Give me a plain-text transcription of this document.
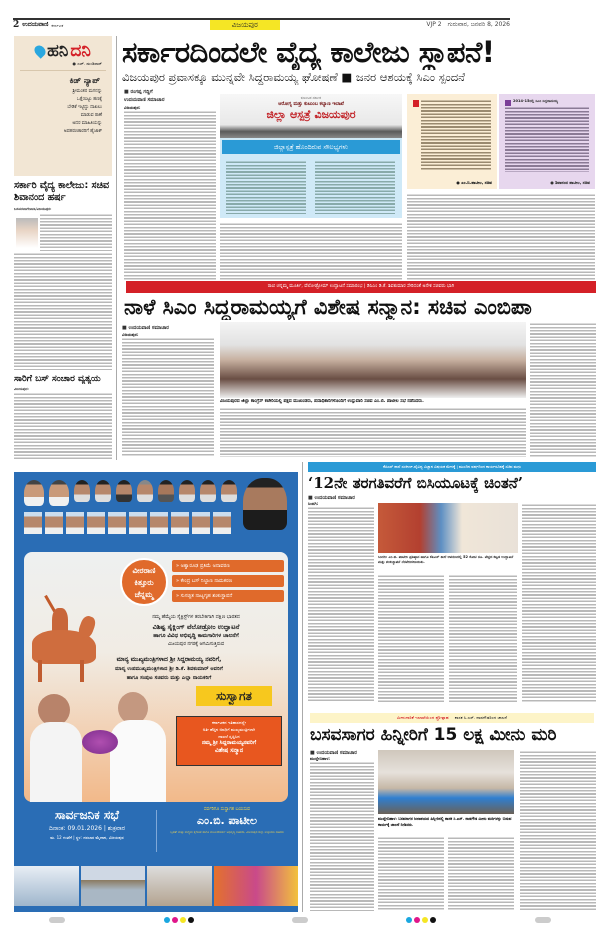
2 ಉದಯವಾಣಿ ಕರ್ನಾಟಕ	ವಿಜಯಪುರ	VJP 2 ಗುರುವಾರ, ಜನವರಿ 8, 2026
ಹನಿ ದನಿ
● ಎಚ್. ಡುಂಡಿರಾಜ್
ಕಿಡ್ ನ್ಯಾಪ್
ಶ್ರೀಮಂತರ ಮಗನನ್ನು
ಒತ್ತೆಯಿಟ್ಟು ಹಣಕ್ಕೆ
ಬೇಡಿಕೆ ಇಟ್ಟಿದ್ದು ದಾಖಲು
ಮಾಡುವ ಠಾಣೆ
ಅದರ ಮಾಹಿತಿಯನ್ನು
ಅಪಹರಣಕಾರರಿಗೆ ಹೈಜಾಕ್
ಸರ್ಕಾರಿ ವೈದ್ಯ ಕಾಲೇಜು: ಸಚಿವ ಶಿವಾನಂದ ಹರ್ಷ
ಬಸವನಬಾಗೇವಾಡಿ/ವಿಜಯಪುರ:
ಸಾರಿಗೆ ಬಸ್ ಸಂಚಾರ ವ್ಯತ್ಯಯ
ವಿಜಯಪುರ:
ಸರ್ಕಾರದಿಂದಲೇ ವೈದ್ಯ ಕಾಲೇಜು ಸ್ಥಾಪನೆ!
ವಿಜಯಪುರ ಪ್ರವಾಸಕ್ಕೂ ಮುನ್ನವೇ ಸಿದ್ದರಾಮಯ್ಯ ಘೋಷಣೆ ■ ಜನರ ಆಶಯಕ್ಕೆ ಸಿಎಂ ಸ್ಪಂದನೆ
■ ರಂಗಪ್ಪ ಗದ್ದಿಗೆ
ಉದಯವಾಣಿ ಸಮಾಚಾರ
ವಿಜಯಪುರ:
ಕರ್ನಾಟಕ ಸರ್ಕಾರ
ಆರೋಗ್ಯ ಮತ್ತು ಕುಟುಂಬ ಕಲ್ಯಾಣ ಇಲಾಖೆ
ಜಿಲ್ಲಾ ಆಸ್ಪತ್ರೆ ವಿಜಯಪುರ
ಜಿಲ್ಲಾಸ್ಪತ್ರೆ ಹೊಂದಿರುವ ಸೌಲಭ್ಯಗಳು
● ಎಂ.ಬಿ.ಪಾಟೀಲ, ಸಚಿವ
2014-15ರಲ್ಲಿ ಸಿಎಂ ಸಿದ್ದರಾಮಯ್ಯ
● ಶಿವಾನಂದ ಪಾಟೀಲ, ಸಚಿವ
ರಾಣಿ ಚನ್ನಮ್ಮ ಮೂರ್ತಿ, ವೆಲೋಡ್ರೋಮ್ ಉದ್ಘಾಟನೆ ಸಮಾರಂಭ | ಡಿಸಿಎಂ ಡಿ.ಕೆ. ಶಿವಕುಮಾರ ಸೇರಿದಂತೆ ಅನೇಕ ಸಚಿವರು ಭಾಗಿ
ನಾಳೆ ಸಿಎಂ ಸಿದ್ದರಾಮಯ್ಯಗೆ ವಿಶೇಷ ಸನ್ಮಾನ: ಸಚಿವ ಎಂಬಿಪಾ
■ ಉದಯವಾಣಿ ಸಮಾಚಾರ
ವಿಜಯಪುರ:
ವಿಜಯಪುರದ ಜಿಲ್ಲಾ ಕಾಂಗ್ರೆಸ್ ಕಚೇರಿಯಲ್ಲಿ ಪಕ್ಷದ ಮುಖಂಡರು, ಪದಾಧಿಕಾರಿಗಳೊಂದಿಗೆ ಉಸ್ತುವಾರಿ ಸಚಿವ ಎಂ.ಬಿ. ಪಾಟೀಲ ಸಭೆ ನಡೆಸಿದರು.
ವೀರರಾಣಿ
ಕಿತ್ತೂರು
ಚೆನ್ನಮ್ಮ
» ಅಶ್ವಾರೂಢ ಪ್ರತಿಮೆ ಅನಾವರಣ
» ಕೇಂದ್ರ ಬಸ್ ನಿಲ್ದಾಣ ನಾಮಕರಣ
» ಸುಸಜ್ಜಿತ ನಾಟ್ಯಗೃಹ ಶಂಕುಸ್ಥಾಪನೆ
ನಮ್ಮ ಹೆಮ್ಮೆಯ ಸೈಕ್ಲಿಸ್ಟ್‌ಗಳ ತರಬೇತಿಗಾಗಿ ದಕ್ಷಿಣ ಭಾರತದ
ವಿಶಿಷ್ಟ ಸೈಕ್ಲಿಂಗ್ ವೆಲೋಡ್ರೋಂ ಉದ್ಘಾಟನೆ
ಹಾಗೂ ವಿವಿಧ ಅಭಿವೃದ್ಧಿ ಕಾಮಗಾರಿಗಳ ಚಾಲನೆಗೆ
ವಿಜಯಪುರ ನಗರಕ್ಕೆ ಆಗಮಿಸುತ್ತಿರುವ
ಮಾನ್ಯ ಮುಖ್ಯಮಂತ್ರಿಗಳಾದ ಶ್ರೀ ಸಿದ್ದರಾಮಯ್ಯ ನವರಿಗೆ,
ಮಾನ್ಯ ಉಪಮುಖ್ಯಮಂತ್ರಿಗಳಾದ ಶ್ರೀ ಡಿ.ಕೆ. ಶಿವಕುಮಾರ್ ಅವರಿಗೆ
ಹಾಗೂ ಸಂಪುಟ ಸಚಿವರು ಮತ್ತು ಎಲ್ಲಾ ನಾಯಕರಿಗೆ
ಸುಸ್ವಾಗತ
ಕರ್ನಾಟಕದ ಇತಿಹಾಸದಲ್ಲೇ
ಅತೀ ಹೆಚ್ಚಿನ ಅವಧಿಗೆ ಮುಖ್ಯಮಂತ್ರಿಗಳಾಗಿ
ದಾಖಲೆ ಸೃಷ್ಟಿಸಿದ
ನಮ್ಮ ಶ್ರೀ ಸಿದ್ದರಾಮಯ್ಯನವರಿಗೆ
ವಿಶೇಷ ಸನ್ಮಾನ
ಸಾರ್ವಜನಿಕ ಸಭೆ
ದಿನಾಂಕ: 09.01.2026 | ಶುಕ್ರವಾರ
ಮ. 12 ಗಂಟೆಗೆ | ಸ್ಥಳ: ದರಬಾರ ಮೈದಾನ, ವಿಜಯಪುರ
ಸರ್ವರಿಗೂ ಸುಸ್ವಾಗತ ಬಯಸುವ
ಎಂ.ಬಿ. ಪಾಟೀಲ
ಬೃಹತ್ ಮತ್ತು ಮಧ್ಯಮ ಕೈಗಾರಿಕೆ ಹಾಗೂ ಮೂಲಸೌಕರ್ಯ ಅಭಿವೃದ್ಧಿ ಸಚಿವರು, ವಿಜಯಪುರ ಜಿಲ್ಲಾ ಉಸ್ತುವಾರಿ ಸಚಿವರು
ಕೆಪಿಎಸ್ ಶಾಲೆ ಸಂಕೀರ್ಣ-ವೈವಿಧ್ಯ ವಿಜ್ಞಾನ ವಿಷಯಕ ಮೇಳಕ್ಕೆ | ಮುಂದಿನ ವರ್ಷದಿಂದ ಕಾರ್ಯರೂಪಕ್ಕೆ ಸಚಿವ ಮಧು
‘12ನೇ ತರಗತಿವರೆಗೆ ಬಿಸಿಯೂಟಕ್ಕೆ ಚಿಂತನೆ’
■ ಉದಯವಾಣಿ ಸಮಾಚಾರ
ಸಿಂದಗಿ:
ಸಿಂದಗಿ: ಎಂ.ಬಿ. ಪಾಟೀಲ ಪ್ರತಿಷ್ಠಾನ ಹಾಗೂ ಕೆಪಿಎಸ್ ಶಾಲೆ ಆವರಣದಲ್ಲಿ 52 ಕೋಟಿ ರೂ. ವೆಚ್ಚದ ಕಟ್ಟಡ ಉದ್ಘಾಟನೆ ಮತ್ತು ಶಂಕುಸ್ಥಾಪನೆ ನೆರವೇರಿಸಲಾಯಿತು.
ಮೀನುಗಾರಿಕೆ ಇಲಾಖೆಯಿಂದ ಪ್ರೋತ್ಸಾಹ ಶಾಸಕ ಸಿ.ಎಸ್. ನಾಡಗೌಡರಿಂದ ಚಾಲನೆ
ಬಸವಸಾಗರ ಹಿನ್ನೀರಿಗೆ 15 ಲಕ್ಷ ಮೀನು ಮರಿ
■ ಉದಯವಾಣಿ ಸಮಾಚಾರ
ಮುದ್ದೇಬಿಹಾಳ:
ಮುದ್ದೇಬಿಹಾಳ: ಬಸವಸಾಗರ ಜಲಾಶಯದ ಹಿನ್ನೀರಿನಲ್ಲಿ ಶಾಸಕ ಸಿ.ಎಸ್. ನಾಡಗೌಡ ಮೀನು ಮರಿಗಳನ್ನು ಬಿಡುವ ಕಾರ್ಯಕ್ಕೆ ಚಾಲನೆ ನೀಡಿದರು.
